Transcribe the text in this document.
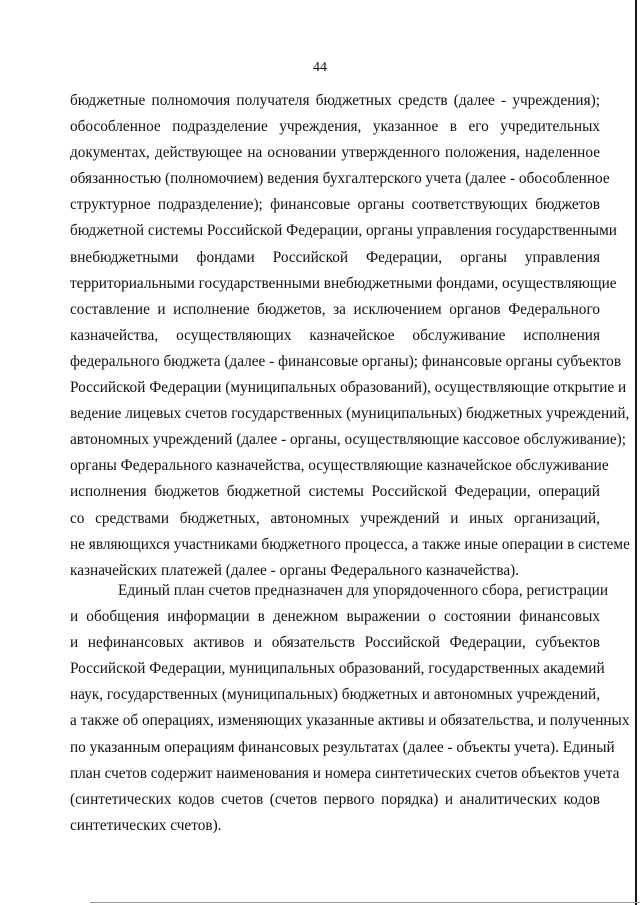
44
бюджетные полномочия получателя бюджетных средств (далее - учреждения);
обособленное подразделение учреждения, указанное в его учредительных
документах, действующее на основании утвержденного положения, наделенное
обязанностью (полномочием) ведения бухгалтерского учета (далее - обособленное
структурное подразделение); финансовые органы соответствующих бюджетов
бюджетной системы Российской Федерации, органы управления государственными
внебюджетными фондами Российской Федерации, органы управления
территориальными государственными внебюджетными фондами, осуществляющие
составление и исполнение бюджетов, за исключением органов Федерального
казначейства, осуществляющих казначейское обслуживание исполнения
федерального бюджета (далее - финансовые органы); финансовые органы субъектов
Российской Федерации (муниципальных образований), осуществляющие открытие и
ведение лицевых счетов государственных (муниципальных) бюджетных учреждений,
автономных учреждений (далее - органы, осуществляющие кассовое обслуживание);
органы Федерального казначейства, осуществляющие казначейское обслуживание
исполнения бюджетов бюджетной системы Российской Федерации, операций
со средствами бюджетных, автономных учреждений и иных организаций,
не являющихся участниками бюджетного процесса, а также иные операции в системе
казначейских платежей (далее - органы Федерального казначейства).
Единый план счетов предназначен для упорядоченного сбора, регистрации
и обобщения информации в денежном выражении о состоянии финансовых
и нефинансовых активов и обязательств Российской Федерации, субъектов
Российской Федерации, муниципальных образований, государственных академий
наук, государственных (муниципальных) бюджетных и автономных учреждений,
а также об операциях, изменяющих указанные активы и обязательства, и полученных
по указанным операциям финансовых результатах (далее - объекты учета). Единый
план счетов содержит наименования и номера синтетических счетов объектов учета
(синтетических кодов счетов (счетов первого порядка) и аналитических кодов
синтетических счетов).
